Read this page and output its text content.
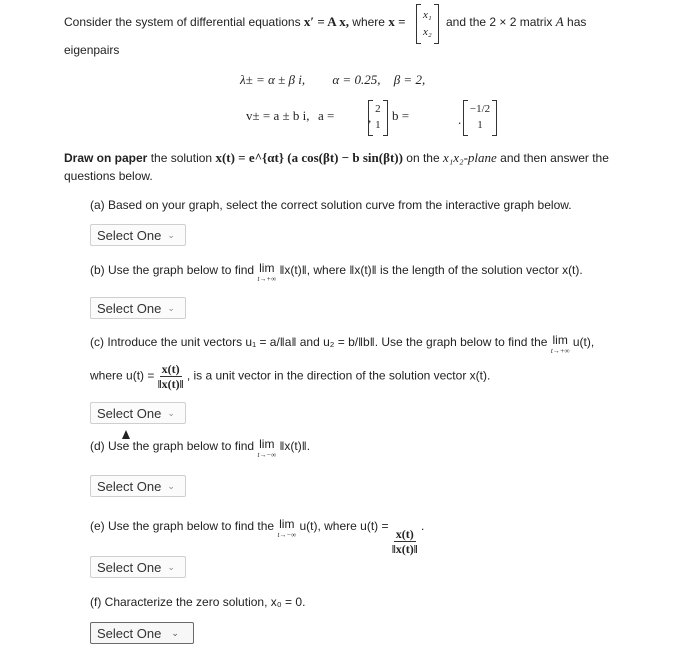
Consider the system of differential equations x′ = A x, where x = x₁
x₂

and the 2 × 2 matrix A has
eigenpairs
λ± = α ± β i, α = 0.25, β = 2,
v± = a ± b i, a =	2
1

, b =	−1/2
1
.
Draw on paper the solution x(t) = e^{αt} (a cos(βt) − b sin(βt)) on the x₁x₂-plane and then answer the
questions below.
(a) Based on your graph, select the correct solution curve from the interactive graph below.
Select One ⌄
(b) Use the graph below to find lim
t→+∞
‖x(t)‖, where ‖x(t)‖ is the length of the solution vector x(t).
Select One ⌄
(c) Introduce the unit vectors u₁ = a/‖a‖ and u₂ = b/‖b‖. Use the graph below to find the lim
t→+∞
u(t),
where $u(t) = \frac{x(t)}{‖x(t)‖}$ , is a unit vector in the direction of the solution vector x(t).
Select One ⌄
(d) Use the graph below to find lim
t→−∞
‖x(t)‖.
Select One ⌄
(e) Use the graph below to find the lim
t→−∞
u(t), where u(t) =
$\frac{x(t)}{‖x(t)‖}$
.
Select One ⌄
(f) Characterize the zero solution, x₀ = 0.
Select One ⌄
